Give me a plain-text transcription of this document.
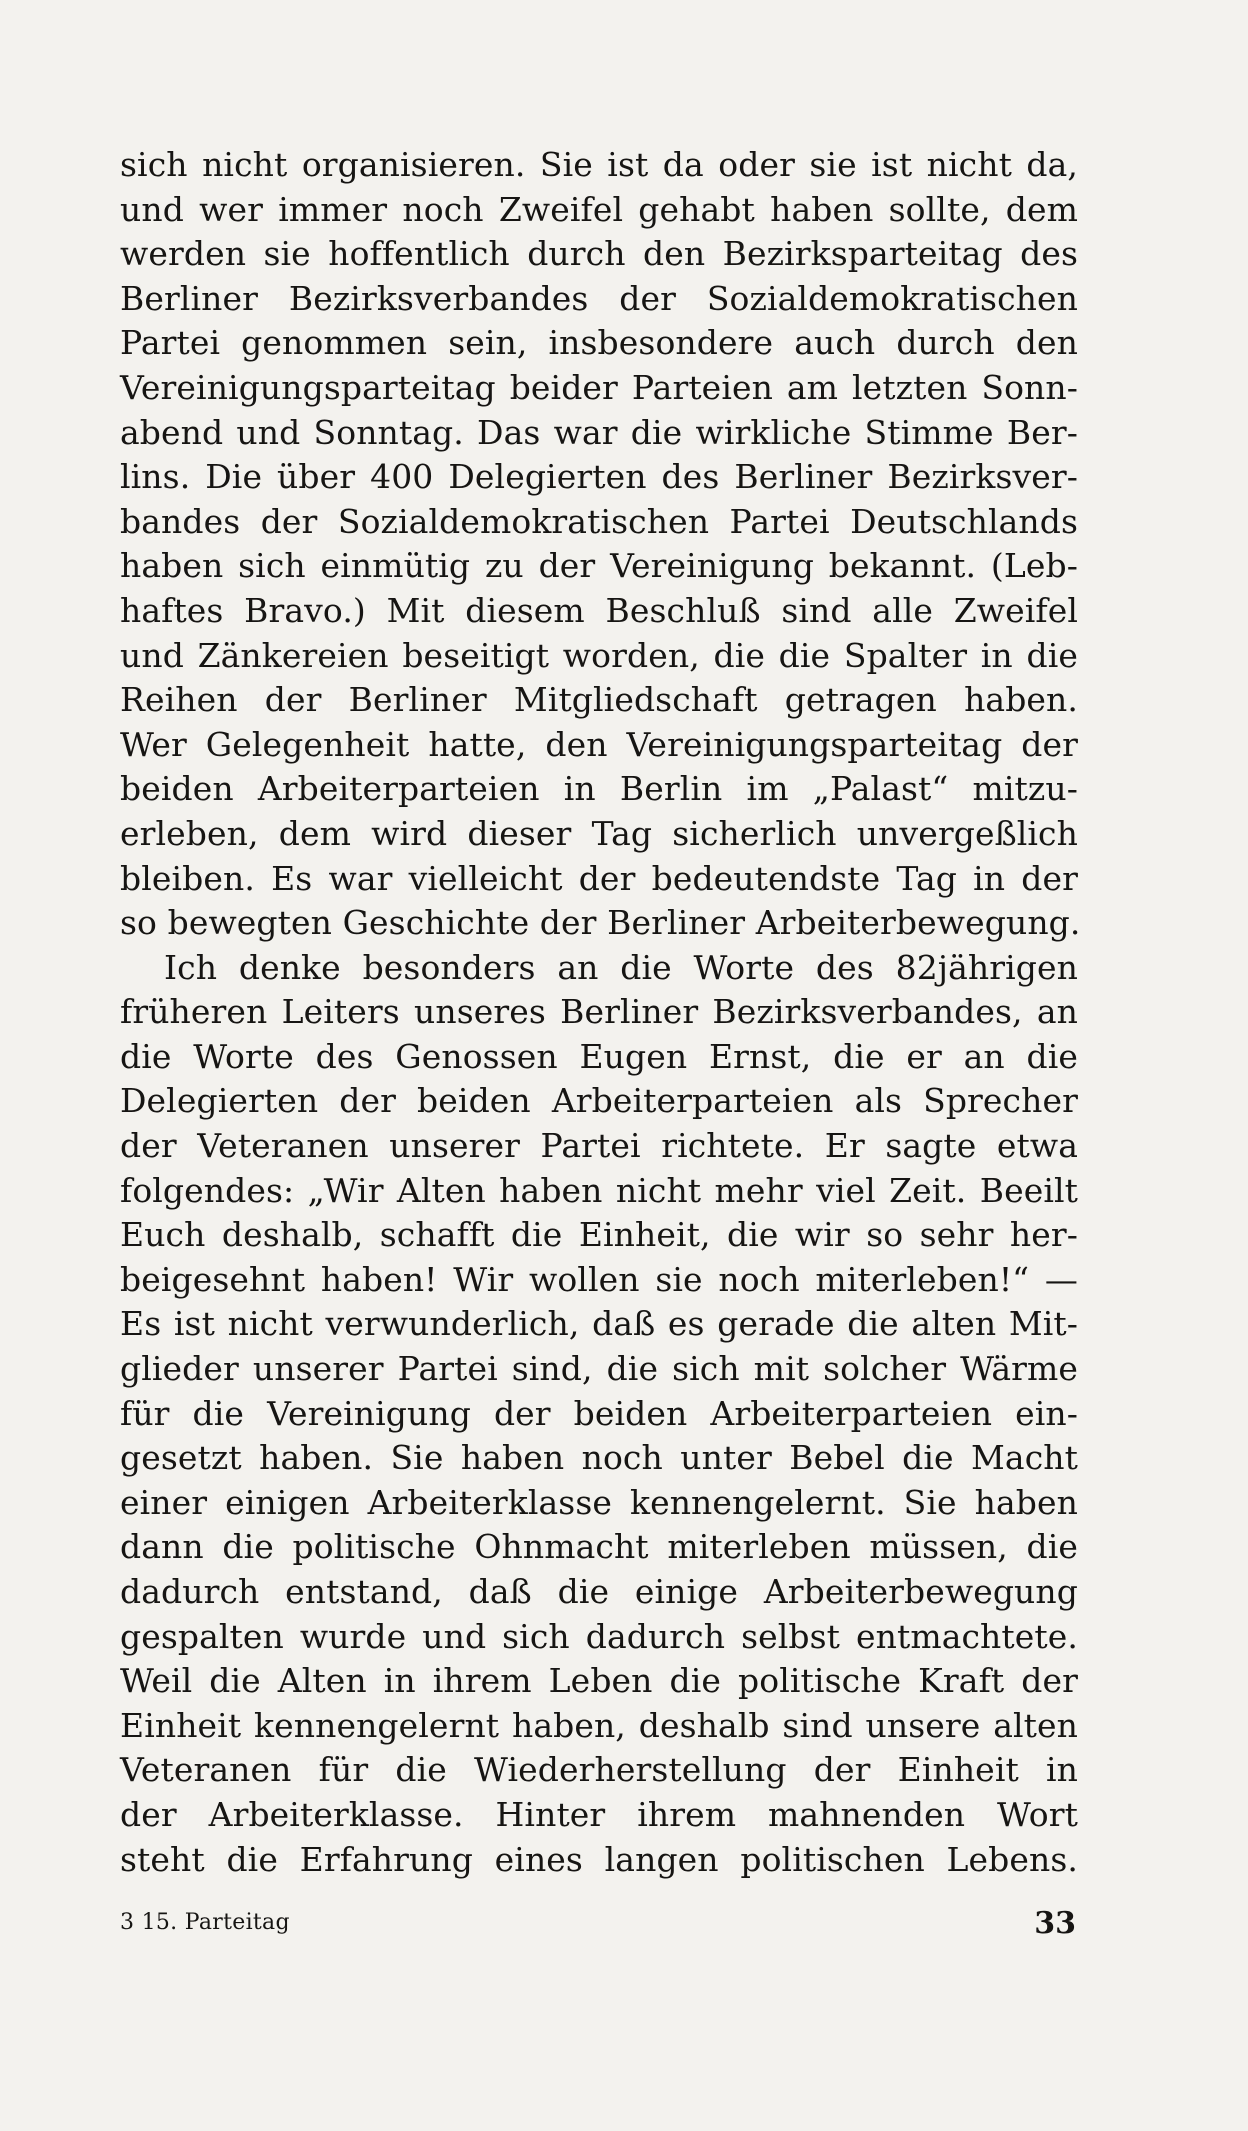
sich nicht organisieren. Sie ist da oder sie ist nicht da,
und wer immer noch Zweifel gehabt haben sollte, dem
werden sie hoffentlich durch den Bezirksparteitag des
Berliner Bezirksverbandes der Sozialdemokratischen
Partei genommen sein, insbesondere auch durch den
Vereinigungsparteitag beider Parteien am letzten Sonn-
abend und Sonntag. Das war die wirkliche Stimme Ber-
lins. Die über 400 Delegierten des Berliner Bezirksver-
bandes der Sozialdemokratischen Partei Deutschlands
haben sich einmütig zu der Vereinigung bekannt. (Leb-
haftes Bravo.) Mit diesem Beschluß sind alle Zweifel
und Zänkereien beseitigt worden, die die Spalter in die
Reihen der Berliner Mitgliedschaft getragen haben.
Wer Gelegenheit hatte, den Vereinigungsparteitag der
beiden Arbeiterparteien in Berlin im „Palast“ mitzu-
erleben, dem wird dieser Tag sicherlich unvergeßlich
bleiben. Es war vielleicht der bedeutendste Tag in der
so bewegten Geschichte der Berliner Arbeiterbewegung.
Ich denke besonders an die Worte des 82jährigen
früheren Leiters unseres Berliner Bezirksverbandes, an
die Worte des Genossen Eugen Ernst, die er an die
Delegierten der beiden Arbeiterparteien als Sprecher
der Veteranen unserer Partei richtete. Er sagte etwa
folgendes: „Wir Alten haben nicht mehr viel Zeit. Beeilt
Euch deshalb, schafft die Einheit, die wir so sehr her-
beigesehnt haben! Wir wollen sie noch miterleben!“ —
Es ist nicht verwunderlich, daß es gerade die alten Mit-
glieder unserer Partei sind, die sich mit solcher Wärme
für die Vereinigung der beiden Arbeiterparteien ein-
gesetzt haben. Sie haben noch unter Bebel die Macht
einer einigen Arbeiterklasse kennengelernt. Sie haben
dann die politische Ohnmacht miterleben müssen, die
dadurch entstand, daß die einige Arbeiterbewegung
gespalten wurde und sich dadurch selbst entmachtete.
Weil die Alten in ihrem Leben die politische Kraft der
Einheit kennengelernt haben, deshalb sind unsere alten
Veteranen für die Wiederherstellung der Einheit in
der Arbeiterklasse. Hinter ihrem mahnenden Wort
steht die Erfahrung eines langen politischen Lebens.
3 15. Parteitag	33
